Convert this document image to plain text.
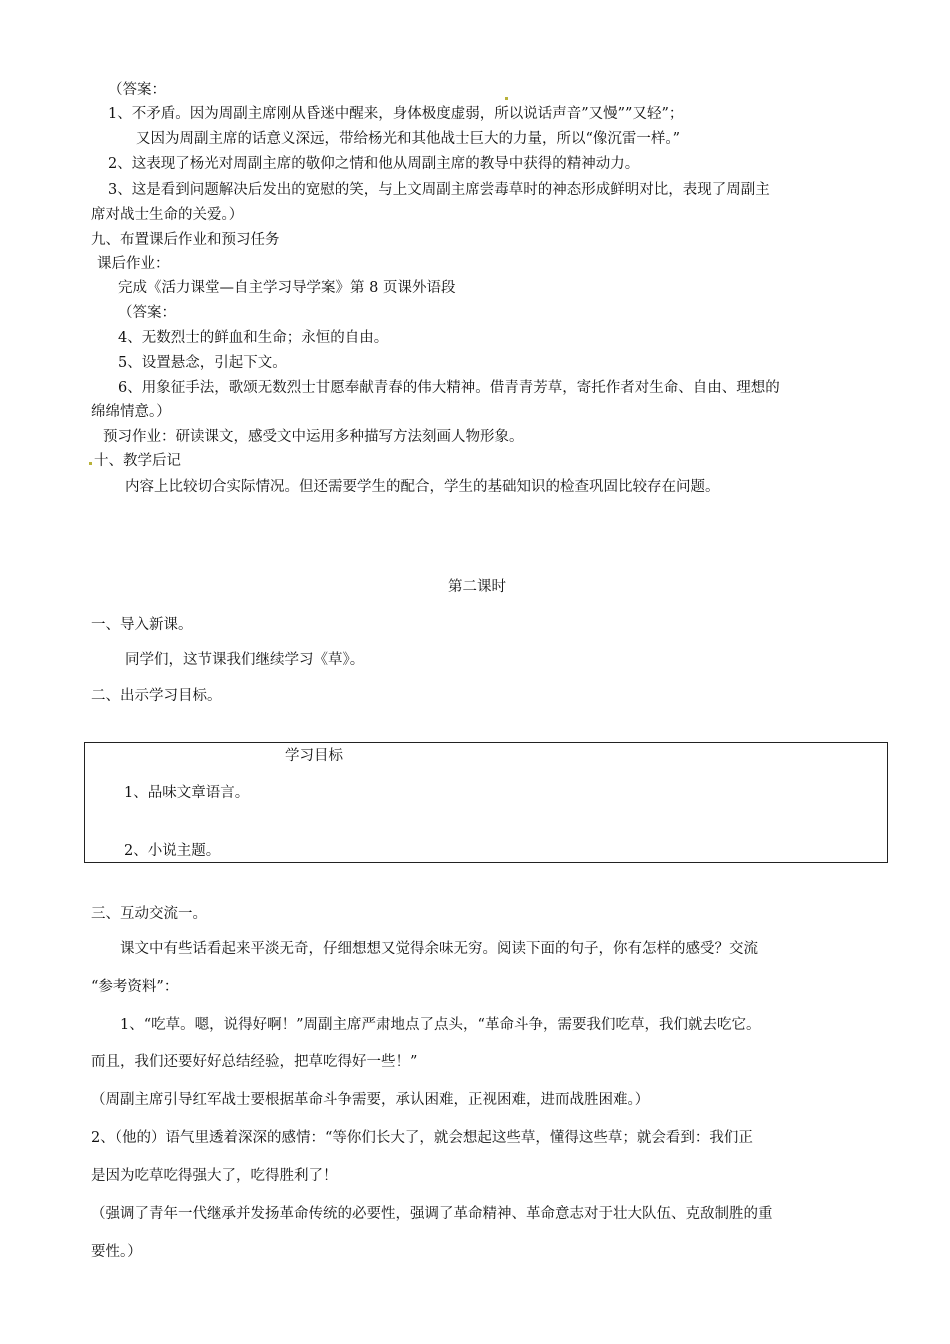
（答案：
1、不矛盾。因为周副主席刚从昏迷中醒来，身体极度虚弱，所以说话声音”又慢””又轻”；
又因为周副主席的话意义深远，带给杨光和其他战士巨大的力量，所以“像沉雷一样。”
2、这表现了杨光对周副主席的敬仰之情和他从周副主席的教导中获得的精神动力。
3、这是看到问题解决后发出的宽慰的笑，与上文周副主席尝毒草时的神态形成鲜明对比，表现了周副主
席对战士生命的关爱。）
九、布置课后作业和预习任务
课后作业：
完成《活力课堂—自主学习导学案》第 8 页课外语段
（答案：
4、无数烈士的鲜血和生命；永恒的自由。
5、设置悬念，引起下文。
6、用象征手法，歌颂无数烈士甘愿奉献青春的伟大精神。借青青芳草，寄托作者对生命、自由、理想的
绵绵情意。）
预习作业：研读课文，感受文中运用多种描写方法刻画人物形象。
十、教学后记
内容上比较切合实际情况。但还需要学生的配合，学生的基础知识的检查巩固比较存在问题。
第二课时
一、导入新课。
同学们，这节课我们继续学习《草》。
二、出示学习目标。
学习目标
1、品味文章语言。
2、小说主题。
三、互动交流一。
课文中有些话看起来平淡无奇，仔细想想又觉得余味无穷。阅读下面的句子，你有怎样的感受？交流
“参考资料”：
1、“吃草。嗯，说得好啊！”周副主席严肃地点了点头，“革命斗争，需要我们吃草，我们就去吃它。
而且，我们还要好好总结经验，把草吃得好一些！”
（周副主席引导红军战士要根据革命斗争需要，承认困难，正视困难，进而战胜困难。）
2、（他的）语气里透着深深的感情：“等你们长大了，就会想起这些草，懂得这些草；就会看到：我们正
是因为吃草吃得强大了，吃得胜利了！
（强调了青年一代继承并发扬革命传统的必要性，强调了革命精神、革命意志对于壮大队伍、克敌制胜的重
要性。）
